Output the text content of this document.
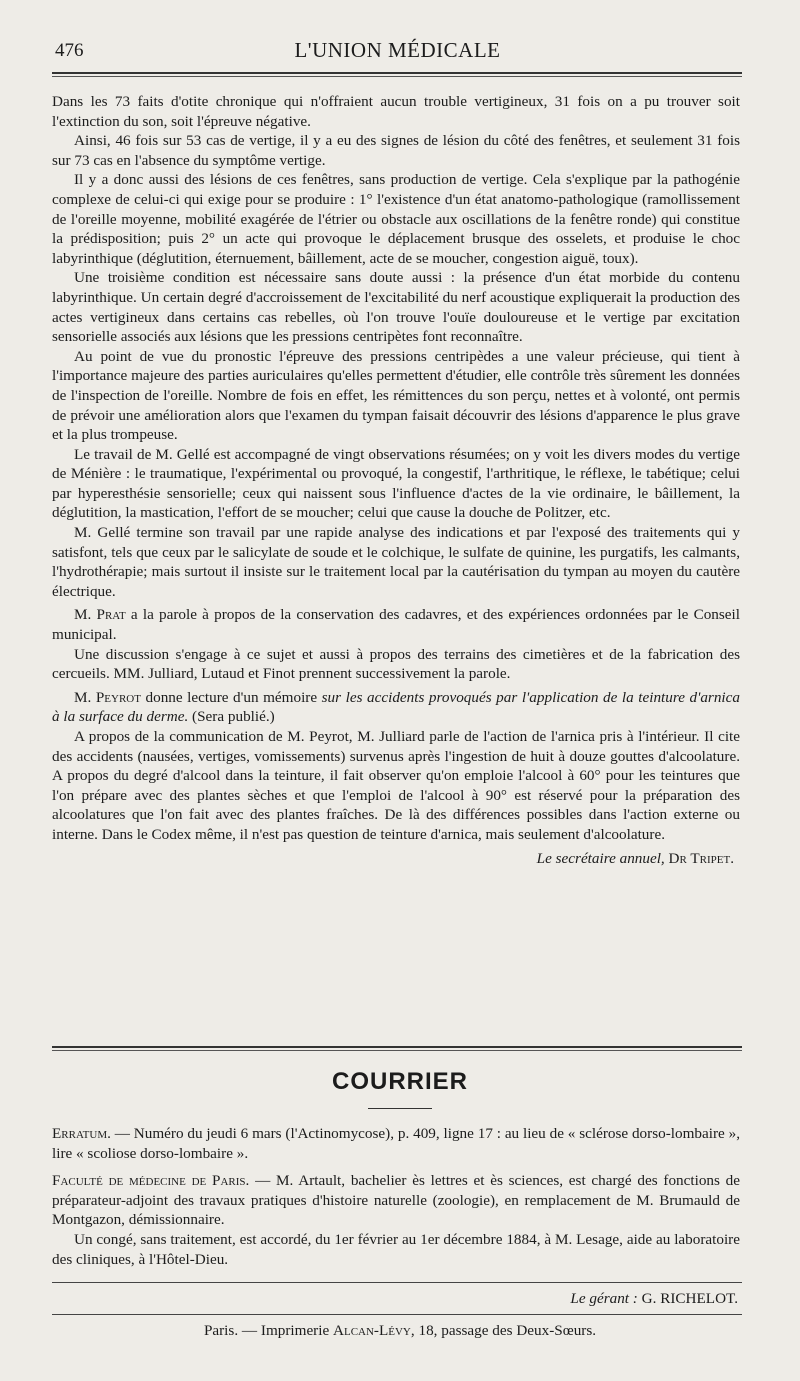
476	L'UNION MÉDICALE

Dans les 73 faits d'otite chronique qui n'offraient aucun trouble vertigineux, 31 fois on a pu trouver soit l'extinction du son, soit l'épreuve négative.

Ainsi, 46 fois sur 53 cas de vertige, il y a eu des signes de lésion du côté des fenêtres, et seulement 31 fois sur 73 cas en l'absence du symptôme vertige.

Il y a donc aussi des lésions de ces fenêtres, sans production de vertige. Cela s'explique par la pathogénie complexe de celui-ci qui exige pour se produire : 1° l'existence d'un état anatomo-pathologique (ramollissement de l'oreille moyenne, mobilité exagérée de l'étrier ou obstacle aux oscillations de la fenêtre ronde) qui constitue la prédisposition; puis 2° un acte qui provoque le déplacement brusque des osselets, et produise le choc labyrinthique (déglutition, éternuement, bâillement, acte de se moucher, congestion aiguë, toux).

Une troisième condition est nécessaire sans doute aussi : la présence d'un état morbide du contenu labyrinthique. Un certain degré d'accroissement de l'excitabilité du nerf acoustique expliquerait la production des actes vertigineux dans certains cas rebelles, où l'on trouve l'ouïe douloureuse et le vertige par excitation sensorielle associés aux lésions que les pressions centripètes font reconnaître.

Au point de vue du pronostic l'épreuve des pressions centripèdes a une valeur précieuse, qui tient à l'importance majeure des parties auriculaires qu'elles permettent d'étudier, elle contrôle très sûrement les données de l'inspection de l'oreille. Nombre de fois en effet, les rémittences du son perçu, nettes et à volonté, ont permis de prévoir une amélioration alors que l'examen du tympan faisait découvrir des lésions d'apparence le plus grave et la plus trompeuse.

Le travail de M. Gellé est accompagné de vingt observations résumées; on y voit les divers modes du vertige de Ménière : le traumatique, l'expérimental ou provoqué, la congestif, l'arthritique, le réflexe, le tabétique; celui par hyperesthésie sensorielle; ceux qui naissent sous l'influence d'actes de la vie ordinaire, le bâillement, la déglutition, la mastication, l'effort de se moucher; celui que cause la douche de Politzer, etc.

M. Gellé termine son travail par une rapide analyse des indications et par l'exposé des traitements qui y satisfont, tels que ceux par le salicylate de soude et le colchique, le sulfate de quinine, les purgatifs, les calmants, l'hydrothérapie; mais surtout il insiste sur le traitement local par la cautérisation du tympan au moyen du cautère électrique.

M. Prat a la parole à propos de la conservation des cadavres, et des expériences ordonnées par le Conseil municipal.

Une discussion s'engage à ce sujet et aussi à propos des terrains des cimetières et de la fabrication des cercueils. MM. Julliard, Lutaud et Finot prennent successivement la parole.

M. Peyrot donne lecture d'un mémoire sur les accidents provoqués par l'application de la teinture d'arnica à la surface du derme. (Sera publié.)

A propos de la communication de M. Peyrot, M. Julliard parle de l'action de l'arnica pris à l'intérieur. Il cite des accidents (nausées, vertiges, vomissements) survenus après l'ingestion de huit à douze gouttes d'alcoolature. A propos du degré d'alcool dans la teinture, il fait observer qu'on emploie l'alcool à 60° pour les teintures que l'on prépare avec des plantes sèches et que l'emploi de l'alcool à 90° est réservé pour la préparation des alcoolatures que l'on fait avec des plantes fraîches. De là des différences possibles dans l'action externe ou interne. Dans le Codex même, il n'est pas question de teinture d'arnica, mais seulement d'alcoolature.

Le secrétaire annuel, Dr Tripet.

COURRIER

Erratum. — Numéro du jeudi 6 mars (l'Actinomycose), p. 409, ligne 17 : au lieu de « sclérose dorso-lombaire », lire « scoliose dorso-lombaire ».

Faculté de médecine de Paris. — M. Artault, bachelier ès lettres et ès sciences, est chargé des fonctions de préparateur-adjoint des travaux pratiques d'histoire naturelle (zoologie), en remplacement de M. Brumauld de Montgazon, démissionnaire.

Un congé, sans traitement, est accordé, du 1er février au 1er décembre 1884, à M. Lesage, aide au laboratoire des cliniques, à l'Hôtel-Dieu.

Le gérant : G. RICHELOT.
Paris. — Imprimerie Alcan-Lévy, 18, passage des Deux-Sœurs.
